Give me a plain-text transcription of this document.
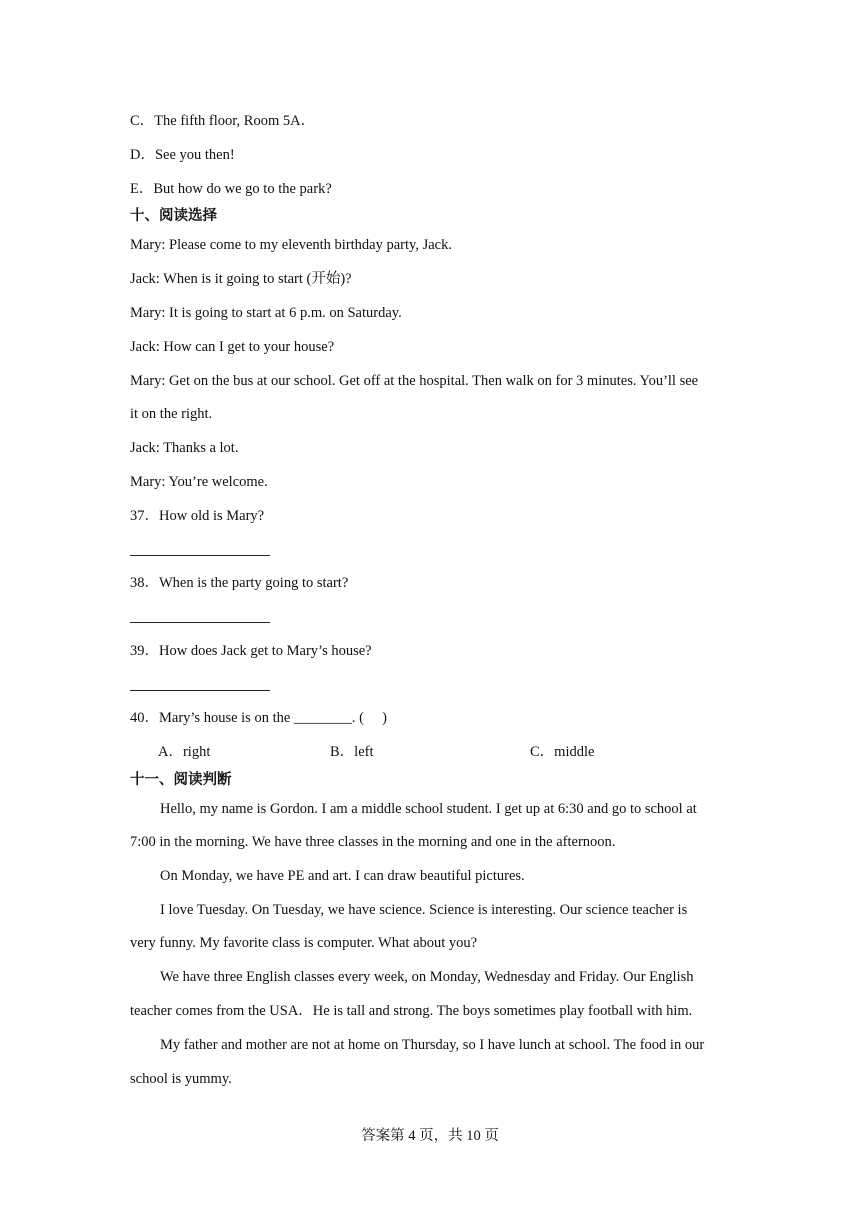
C．The fifth floor, Room 5A．
D．See you then!
E．But how do we go to the park?
十、阅读选择
Mary: Please come to my eleventh birthday party, Jack.
Jack: When is it going to start (开始)?
Mary: It is going to start at 6 p.m. on Saturday.
Jack: How can I get to your house?
Mary: Get on the bus at our school. Get off at the hospital. Then walk on for 3 minutes. You’ll see
it on the right.
Jack: Thanks a lot.
Mary: You’re welcome.
37．How old is Mary?
38．When is the party going to start?
39．How does Jack get to Mary’s house?
40．Mary’s house is on the ________. (　 )
A．right	B．left	C．middle
十一、阅读判断
Hello, my name is Gordon. I am a middle school student. I get up at 6:30 and go to school at
7:00 in the morning. We have three classes in the morning and one in the afternoon.
On Monday, we have PE and art. I can draw beautiful pictures.
I love Tuesday. On Tuesday, we have science. Science is interesting. Our science teacher is
very funny. My favorite class is computer. What about you?
We have three English classes every week, on Monday, Wednesday and Friday. Our English
teacher comes from the USA．He is tall and strong. The boys sometimes play football with him.
My father and mother are not at home on Thursday, so I have lunch at school. The food in our
school is yummy.
答案第 4 页，共 10 页
